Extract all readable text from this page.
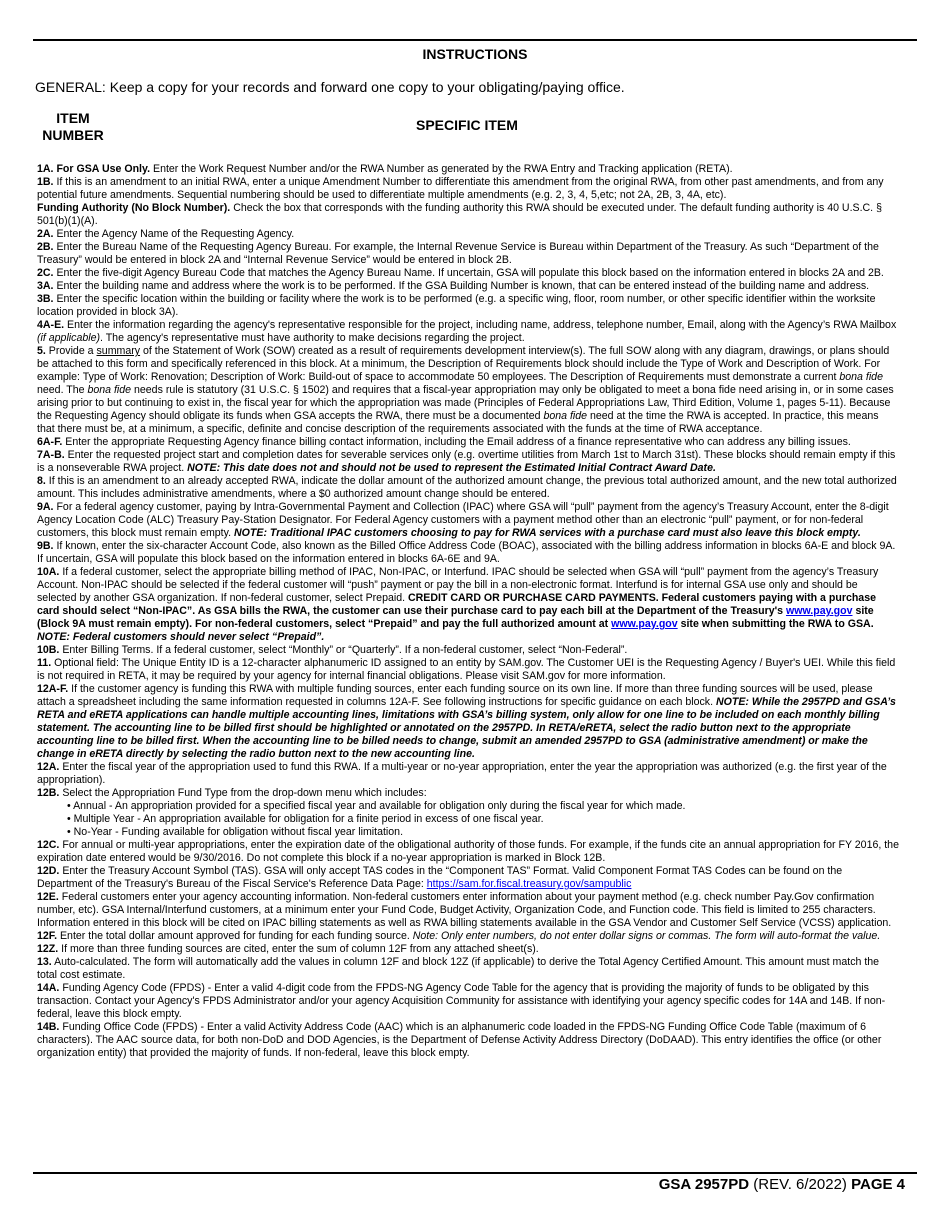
INSTRUCTIONS
GENERAL: Keep a copy for your records and forward one copy to your obligating/paying office.
ITEM NUMBER
SPECIFIC ITEM
1A. For GSA Use Only. Enter the Work Request Number and/or the RWA Number as generated by the RWA Entry and Tracking application (RETA).
1B. If this is an amendment to an initial RWA, enter a unique Amendment Number to differentiate this amendment from the original RWA, from other past amendments, and from any potential future amendments. Sequential numbering should be used to differentiate multiple amendments (e.g. 2, 3, 4, 5,etc; not 2A, 2B, 3, 4A, etc).
Funding Authority (No Block Number). Check the box that corresponds with the funding authority this RWA should be executed under. The default funding authority is 40 U.S.C. § 501(b)(1)(A).
2A. Enter the Agency Name of the Requesting Agency.
2B. Enter the Bureau Name of the Requesting Agency Bureau. For example, the Internal Revenue Service is Bureau within Department of the Treasury. As such “Department of the Treasury” would be entered in block 2A and “Internal Revenue Service” would be entered in block 2B.
2C. Enter the five-digit Agency Bureau Code that matches the Agency Bureau Name. If uncertain, GSA will populate this block based on the information entered in blocks 2A and 2B.
3A. Enter the building name and address where the work is to be performed. If the GSA Building Number is known, that can be entered instead of the building name and address.
3B. Enter the specific location within the building or facility where the work is to be performed (e.g. a specific wing, floor, room number, or other specific identifier within the worksite location provided in block 3A).
4A-E. Enter the information regarding the agency's representative responsible for the project, including name, address, telephone number, Email, along with the Agency’s RWA Mailbox (if applicable). The agency's representative must have authority to make decisions regarding the project.
5. Provide a summary of the Statement of Work (SOW) created as a result of requirements development interview(s). The full SOW along with any diagram, drawings, or plans should be attached to this form and specifically referenced in this block. At a minimum, the Description of Requirements block should include the Type of Work and Description of Work. For example: Type of Work: Renovation; Description of Work: Build-out of space to accommodate 50 employees. The Description of Requirements must demonstrate a current bona fide need. The bona fide needs rule is statutory (31 U.S.C. § 1502) and requires that a fiscal-year appropriation may only be obligated to meet a bona fide need arising in, or in some cases arising prior to but continuing to exist in, the fiscal year for which the appropriation was made (Principles of Federal Appropriations Law, Third Edition, Volume 1, pages 5-11). Because the Requesting Agency should obligate its funds when GSA accepts the RWA, there must be a documented bona fide need at the time the RWA is accepted. In practice, this means that there must be, at a minimum, a specific, definite and concise description of the requirements associated with the funds at the time of RWA acceptance.
6A-F. Enter the appropriate Requesting Agency finance billing contact information, including the Email address of a finance representative who can address any billing issues.
7A-B. Enter the requested project start and completion dates for severable services only (e.g. overtime utilities from March 1st to March 31st). These blocks should remain empty if this is a nonseverable RWA project. NOTE: This date does not and should not be used to represent the Estimated Initial Contract Award Date.
8. If this is an amendment to an already accepted RWA, indicate the dollar amount of the authorized amount change, the previous total authorized amount, and the new total authorized amount. This includes administrative amendments, where a $0 authorized amount change should be entered.
9A. For a federal agency customer, paying by Intra-Governmental Payment and Collection (IPAC) where GSA will “pull” payment from the agency’s Treasury Account, enter the 8-digit Agency Location Code (ALC) Treasury Pay-Station Designator. For Federal Agency customers with a payment method other than an electronic “pull” payment, or for non-federal customers, this block must remain empty. NOTE: Traditional IPAC customers choosing to pay for RWA services with a purchase card must also leave this block empty.
9B. If known, enter the six-character Account Code, also known as the Billed Office Address Code (BOAC), associated with the billing address information in blocks 6A-E and block 9A. If uncertain, GSA will populate this block based on the information entered in blocks 6A-6E and 9A.
10A. If a federal customer, select the appropriate billing method of IPAC, Non-IPAC, or Interfund. IPAC should be selected when GSA will “pull” payment from the agency’s Treasury Account. Non-IPAC should be selected if the federal customer will “push” payment or pay the bill in a non-electronic format. Interfund is for internal GSA use only and should be selected by another GSA organization. If non-federal customer, select Prepaid. CREDIT CARD OR PURCHASE CARD PAYMENTS. Federal customers paying with a purchase card should select “Non-IPAC”. As GSA bills the RWA, the customer can use their purchase card to pay each bill at the Department of the Treasury's www.pay.gov site (Block 9A must remain empty). For non-federal customers, select “Prepaid” and pay the full authorized amount at www.pay.gov site when submitting the RWA to GSA. NOTE: Federal customers should never select “Prepaid”.
10B. Enter Billing Terms. If a federal customer, select “Monthly” or “Quarterly”. If a non-federal customer, select “Non-Federal”.
11. Optional field: The Unique Entity ID is a 12-character alphanumeric ID assigned to an entity by SAM.gov. The Customer UEI is the Requesting Agency / Buyer's UEI. While this field is not required in RETA, it may be required by your agency for internal financial obligations. Please visit SAM.gov for more information.
12A-F. If the customer agency is funding this RWA with multiple funding sources, enter each funding source on its own line. If more than three funding sources will be used, please attach a spreadsheet including the same information requested in columns 12A-F. See following instructions for specific guidance on each block. NOTE: While the 2957PD and GSA’s RETA and eRETA applications can handle multiple accounting lines, limitations with GSA’s billing system, only allow for one line to be included on each monthly billing statement. The accounting line to be billed first should be highlighted or annotated on the 2957PD. In RETA/eRETA, select the radio button next to the appropriate accounting line to be billed first. When the accounting line to be billed needs to change, submit an amended 2957PD to GSA (administrative amendment) or make the change in eRETA directly by selecting the radio button next to the new accounting line.
12A. Enter the fiscal year of the appropriation used to fund this RWA. If a multi-year or no-year appropriation, enter the year the appropriation was authorized (e.g. the first year of the appropriation).
12B. Select the Appropriation Fund Type from the drop-down menu which includes:
• Annual - An appropriation provided for a specified fiscal year and available for obligation only during the fiscal year for which made.
• Multiple Year - An appropriation available for obligation for a finite period in excess of one fiscal year.
• No-Year - Funding available for obligation without fiscal year limitation.
12C. For annual or multi-year appropriations, enter the expiration date of the obligational authority of those funds. For example, if the funds cite an annual appropriation for FY 2016, the expiration date entered would be 9/30/2016. Do not complete this block if a no-year appropriation is marked in Block 12B.
12D. Enter the Treasury Account Symbol (TAS). GSA will only accept TAS codes in the “Component TAS” Format. Valid Component Format TAS Codes can be found on the Department of the Treasury's Bureau of the Fiscal Service's Reference Data Page: https://sam.for.fiscal.treasury.gov/sampublic
12E. Federal customers enter your agency accounting information. Non-federal customers enter information about your payment method (e.g. check number Pay.Gov confirmation number, etc). GSA Internal/Interfund customers, at a minimum enter your Fund Code, Budget Activity, Organization Code, and Function code. This field is limited to 255 characters. Information entered in this block will be cited on IPAC billing statements as well as RWA billing statements available in the GSA Vendor and Customer Self Service (VCSS) application.
12F. Enter the total dollar amount approved for funding for each funding source. Note: Only enter numbers, do not enter dollar signs or commas. The form will auto-format the value.
12Z. If more than three funding sources are cited, enter the sum of column 12F from any attached sheet(s).
13. Auto-calculated. The form will automatically add the values in column 12F and block 12Z (if applicable) to derive the Total Agency Certified Amount. This amount must match the total cost estimate.
14A. Funding Agency Code (FPDS) - Enter a valid 4-digit code from the FPDS-NG Agency Code Table for the agency that is providing the majority of funds to be obligated by this transaction. Contact your Agency's FPDS Administrator and/or your agency Acquisition Community for assistance with identifying your agency specific codes for 14A and 14B. If non-federal, leave this block empty.
14B. Funding Office Code (FPDS) - Enter a valid Activity Address Code (AAC) which is an alphanumeric code loaded in the FPDS-NG Funding Office Code Table (maximum of 6 characters). The AAC source data, for both non-DoD and DOD Agencies, is the Department of Defense Activity Address Directory (DoDAAD). This entry identifies the office (or other organization entity) that provided the majority of funds. If non-federal, leave this block empty.
GSA 2957PD (REV. 6/2022) PAGE 4
